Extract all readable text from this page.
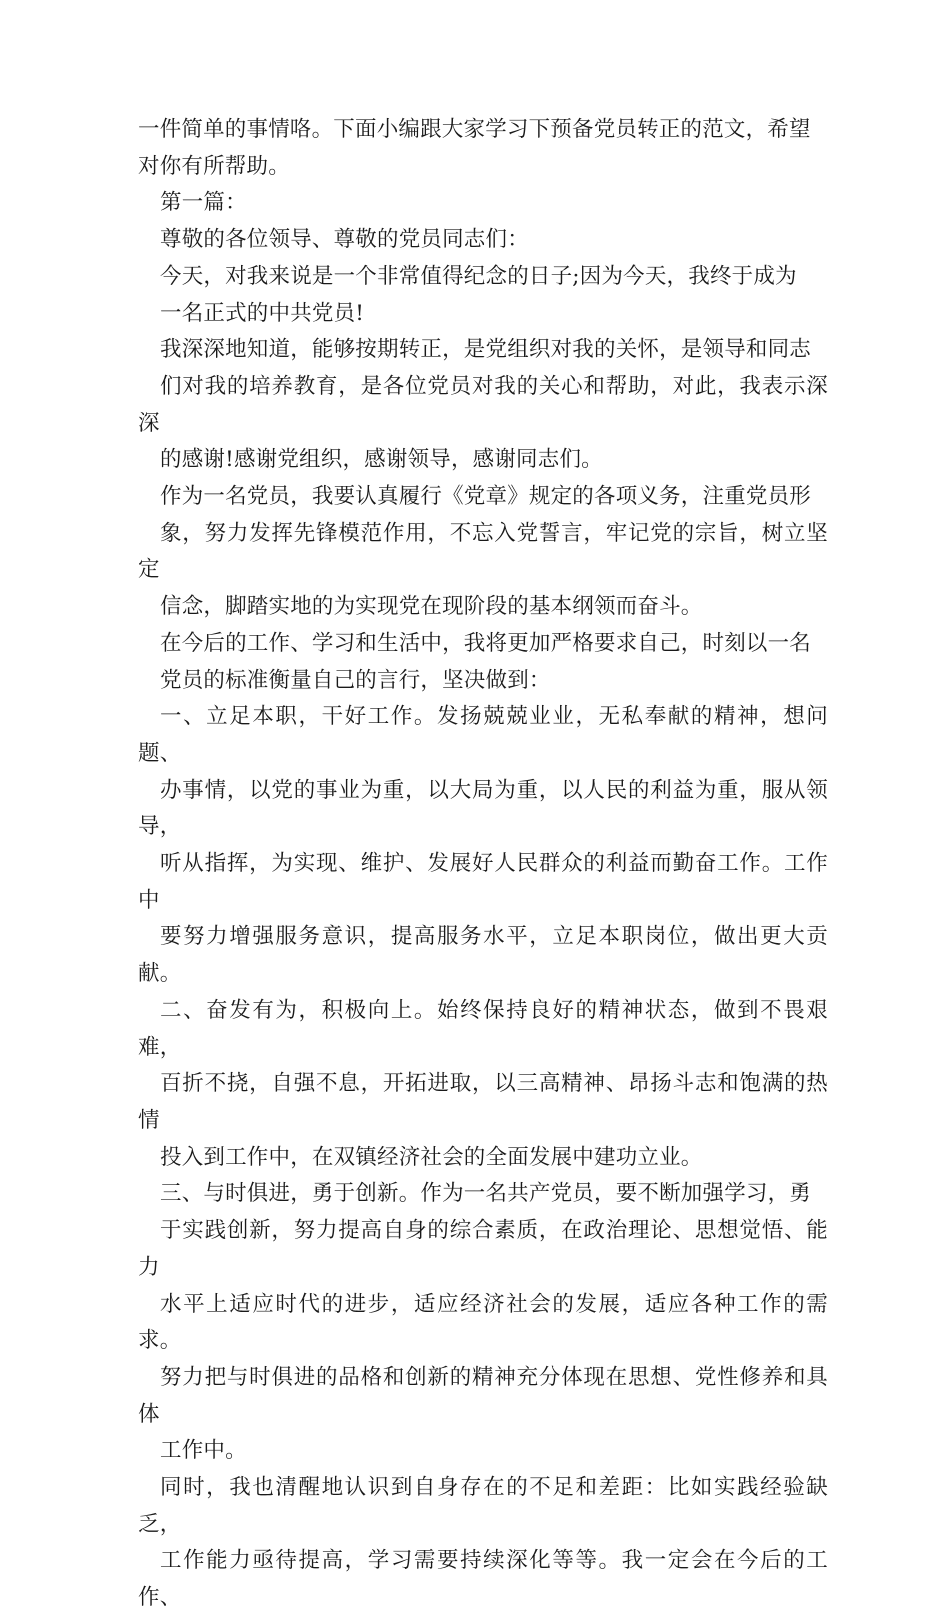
一件简单的事情咯。下面小编跟大家学习下预备党员转正的范文，希望
对你有所帮助。

第一篇：

尊敬的各位领导、尊敬的党员同志们：

今天，对我来说是一个非常值得纪念的日子;因为今天，我终于成为
一名正式的中共党员!

我深深地知道，能够按期转正，是党组织对我的关怀，是领导和同志
们对我的培养教育，是各位党员对我的关心和帮助，对此，我表示深深
的感谢!感谢党组织，感谢领导，感谢同志们。

作为一名党员，我要认真履行《党章》规定的各项义务，注重党员形
象，努力发挥先锋模范作用，不忘入党誓言，牢记党的宗旨，树立坚定
信念，脚踏实地的为实现党在现阶段的基本纲领而奋斗。

在今后的工作、学习和生活中，我将更加严格要求自己，时刻以一名
党员的标准衡量自己的言行，坚决做到：

一、立足本职，干好工作。发扬兢兢业业，无私奉献的精神，想问题、
办事情，以党的事业为重，以大局为重，以人民的利益为重，服从领导，
听从指挥，为实现、维护、发展好人民群众的利益而勤奋工作。工作中
要努力增强服务意识，提高服务水平，立足本职岗位，做出更大贡献。

二、奋发有为，积极向上。始终保持良好的精神状态，做到不畏艰难，
百折不挠，自强不息，开拓进取，以三高精神、昂扬斗志和饱满的热情
投入到工作中，在双镇经济社会的全面发展中建功立业。

三、与时俱进，勇于创新。作为一名共产党员，要不断加强学习，勇
于实践创新，努力提高自身的综合素质，在政治理论、思想觉悟、能力
水平上适应时代的进步，适应经济社会的发展，适应各种工作的需求。
努力把与时俱进的品格和创新的精神充分体现在思想、党性修养和具体
工作中。

同时，我也清醒地认识到自身存在的不足和差距：比如实践经验缺乏，
工作能力亟待提高，学习需要持续深化等等。我一定会在今后的工作、
